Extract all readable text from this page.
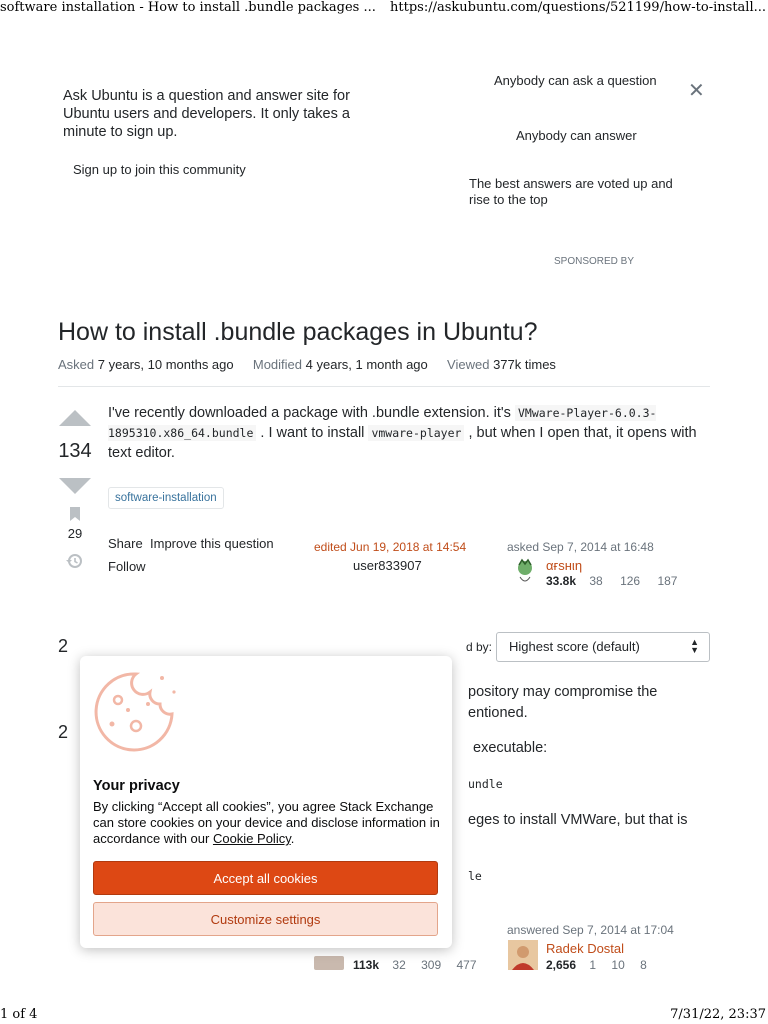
software installation - How to install .bundle packages ... https://askubuntu.com/questions/521199/how-to-install...

Ask Ubuntu is a question and answer site for Ubuntu users and developers. It only takes a minute to sign up.

Sign up to join this community
Anybody can ask a question
Anybody can answer
The best answers are voted up and rise to the top
✕
SPONSORED BY
How to install .bundle packages in Ubuntu?
Asked 7 years, 10 months ago Modified 4 years, 1 month ago Viewed 377k times
134
29
I've recently downloaded a package with .bundle extension. it's VMware-Player-6.0.3-1895310.x86_64.bundle . I want to install vmware-player , but when I open that, it opens with text editor.
software-installation
Share Improve this question
Follow
edited Jun 19, 2018 at 14:54
user833907
asked Sep 7, 2014 at 16:48
αғsнιη
33.8k 38 126 187
d by: Highest score (default)	▲
▼
2
2
pository may compromise the
entioned.
executable:
undle
eges to install VMWare, but that is
le
113k 32 309 477
answered Sep 7, 2014 at 17:04
Radek Dostal
2,656 1 10 8
Your privacy
By clicking “Accept all cookies”, you agree Stack Exchange can store cookies on your device and disclose information in accordance with our Cookie Policy.
Accept all cookies
Customize settings
1 of 4	7/31/22, 23:37
